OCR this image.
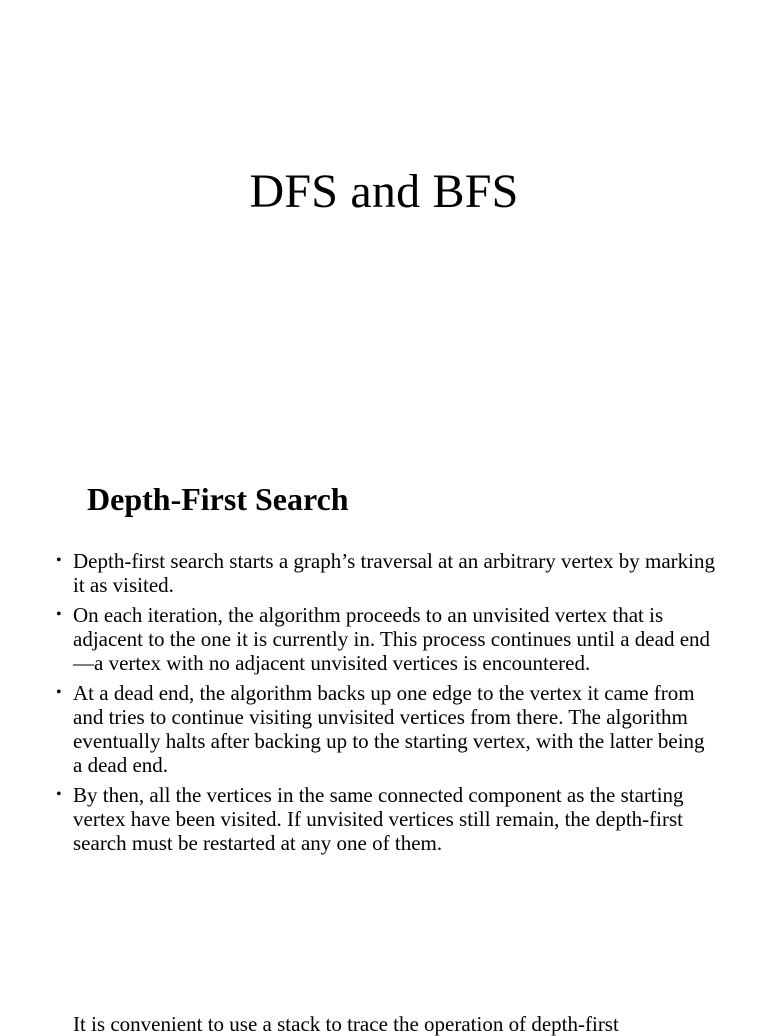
DFS and BFS
Depth-First Search
• Depth-first search starts a graph’s traversal at an arbitrary vertex by marking it as visited.
• On each iteration, the algorithm proceeds to an unvisited vertex that is adjacent to the one it is currently in. This process continues until a dead end—a vertex with no adjacent unvisited vertices is encountered.
• At a dead end, the algorithm backs up one edge to the vertex it came from and tries to continue visiting unvisited vertices from there. The algorithm eventually halts after backing up to the starting vertex, with the latter being a dead end.
• By then, all the vertices in the same connected component as the starting vertex have been visited. If unvisited vertices still remain, the depth-first search must be restarted at any one of them.
It is convenient to use a stack to trace the operation of depth-first
